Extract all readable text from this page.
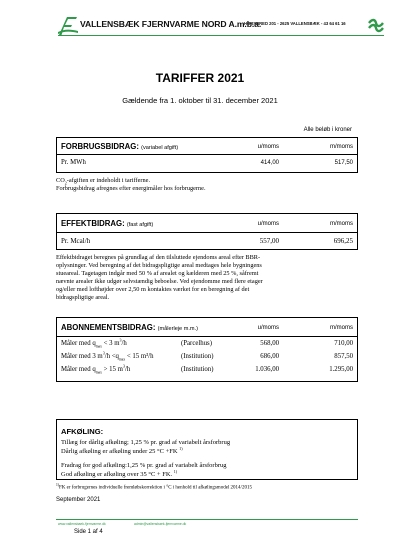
VALLENSBÆK FJERNVARME NORD A.m.b.a.
HORSBRED 201 - 2625 VALLENSBÆK - 43 64 61 16
TARIFFER 2021
Gældende fra 1. oktober til 31. december 2021
Alle beløb i kroner
FORBRUGSBIDRAG: (variabel afgift)	u/moms	m/moms
Pr. MWh	414,00	517,50
$CO_2$-afgiften er indeholdt i tarifferne.
Forbrugsbidrag afregnes efter energimåler hos forbrugerne.
EFFEKTBIDRAG: (fast afgift)	u/moms	m/moms
Pr. Mcal/h	557,00	696,25
Effektbidraget beregnes på grundlag af den tilsluttede ejendoms areal efter BBR-
oplysninger. Ved beregning af det bidragspligtige areal medtages hele bygningens
stueareal. Tagetagen indgår med 50 % af arealet og kælderen med 25 %, såfremt
nævnte arealer ikke udgør selvstændig beboelse. Ved ejendomme med flere etager
og/eller med lofthøjder over 2,50 m kontaktes værket for en beregning af det
bidragspligtige areal.
ABONNEMENTSBIDRAG: (målerleje m.m.)	u/moms	m/moms
Måler med $q_{max} < 3$ $m^3/h$	(Parcelhus)	568,00	710,00
Måler med 3 $m^3/h <q_{max} < 15$ m³/h	(Institution)	686,00	857,50
Måler med $q_{max} > 15$ $m^3/h$	(Institution)	1.036,00	1.295,00
AFKØLING:
Tillæg for dårlig afkøling; 1,25 % pr. grad af variabelt årsforbrug
Dårlig afkøling er afkøling under 25 °C +FK $^{1)}$
Fradrag for god afkøling:1,25 % pr. grad af variabelt årsforbrug
God afkøling er afkøling over 35 °C + FK. $^{1)}$
$^{1)}$FK er forbrugernes individuelle fremløbskorrektion i °C i henhold til afkølingsmodel 2014/2015
September 2021
www.vallensbaek-fjernvarme.dk	admin@vallensbaek-fjernvarme.dk
Side 1 af 4
